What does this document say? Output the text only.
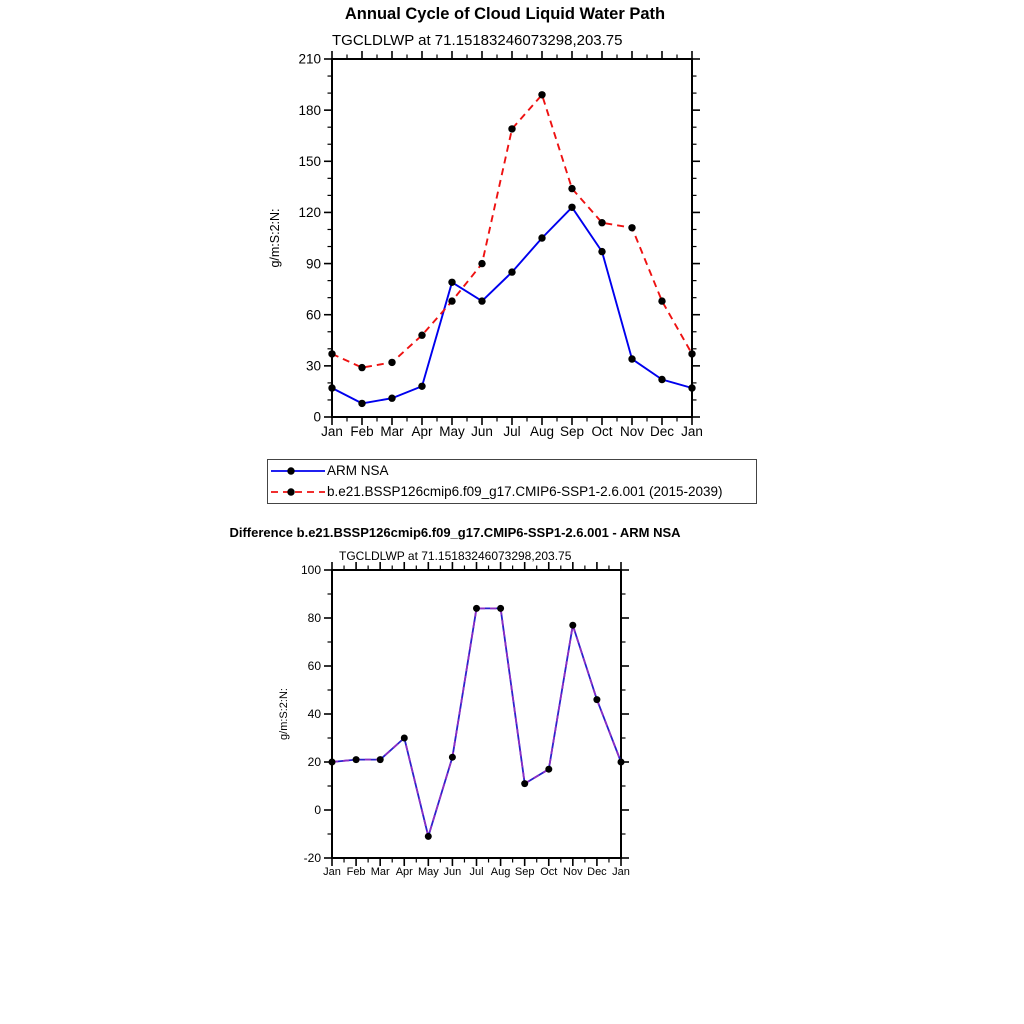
Annual Cycle of Cloud Liquid Water Path
TGCLDLWP at 71.15183246073298,203.75
Difference b.e21.BSSP126cmip6.f09_g17.CMIP6-SSP1-2.6.001 - ARM NSA
TGCLDLWP at 71.15183246073298,203.75
g/m:S:2:N:
g/m:S:2:N:
0
30
60
90
120
150
180
210
Jan Feb Mar Apr May Jun Jul Aug Sep Oct Nov Dec Jan
-20
0
20
40
60
80
100
Jan Feb Mar Apr May Jun Jul Aug Sep Oct Nov Dec Jan
ARM NSA
b.e21.BSSP126cmip6.f09_g17.CMIP6-SSP1-2.6.001 (2015-2039)
